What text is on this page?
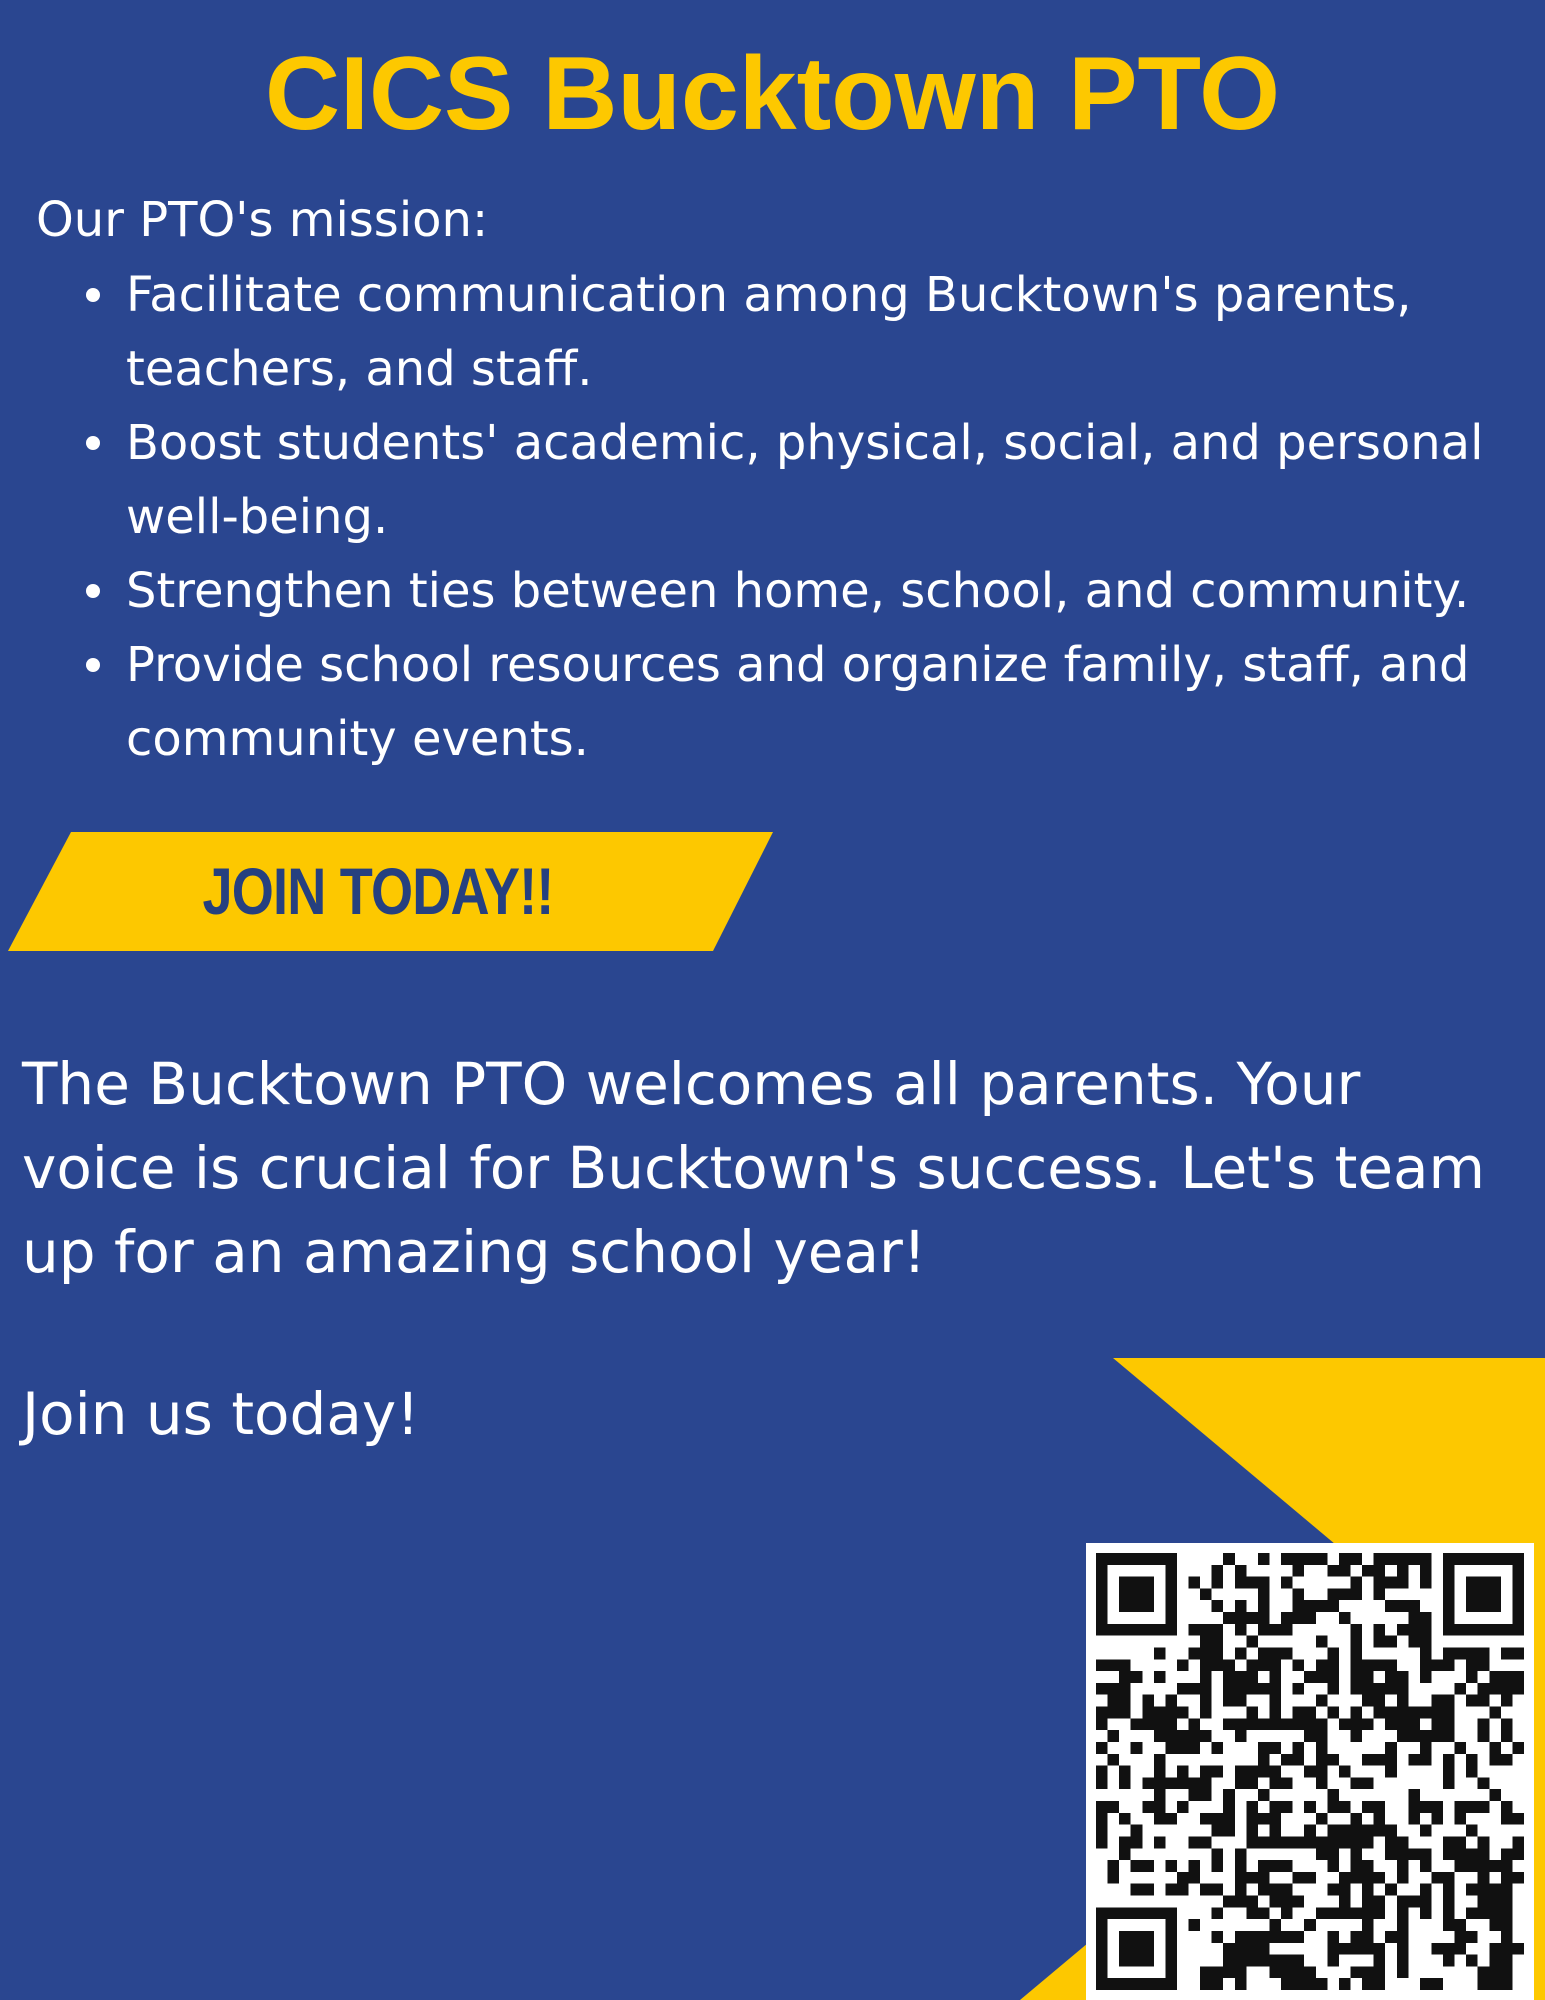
CICS Bucktown PTO

Our PTO's mission:

Facilitate communication among Bucktown's parents, teachers, and staff.
Boost students' academic, physical, social, and personal well-being.
Strengthen ties between home, school, and community.
Provide school resources and organize family, staff, and community events.
JOIN TODAY!!

The Bucktown PTO welcomes all parents. Your voice is crucial for Bucktown's success. Let's team up for an amazing school year!

Join us today!
